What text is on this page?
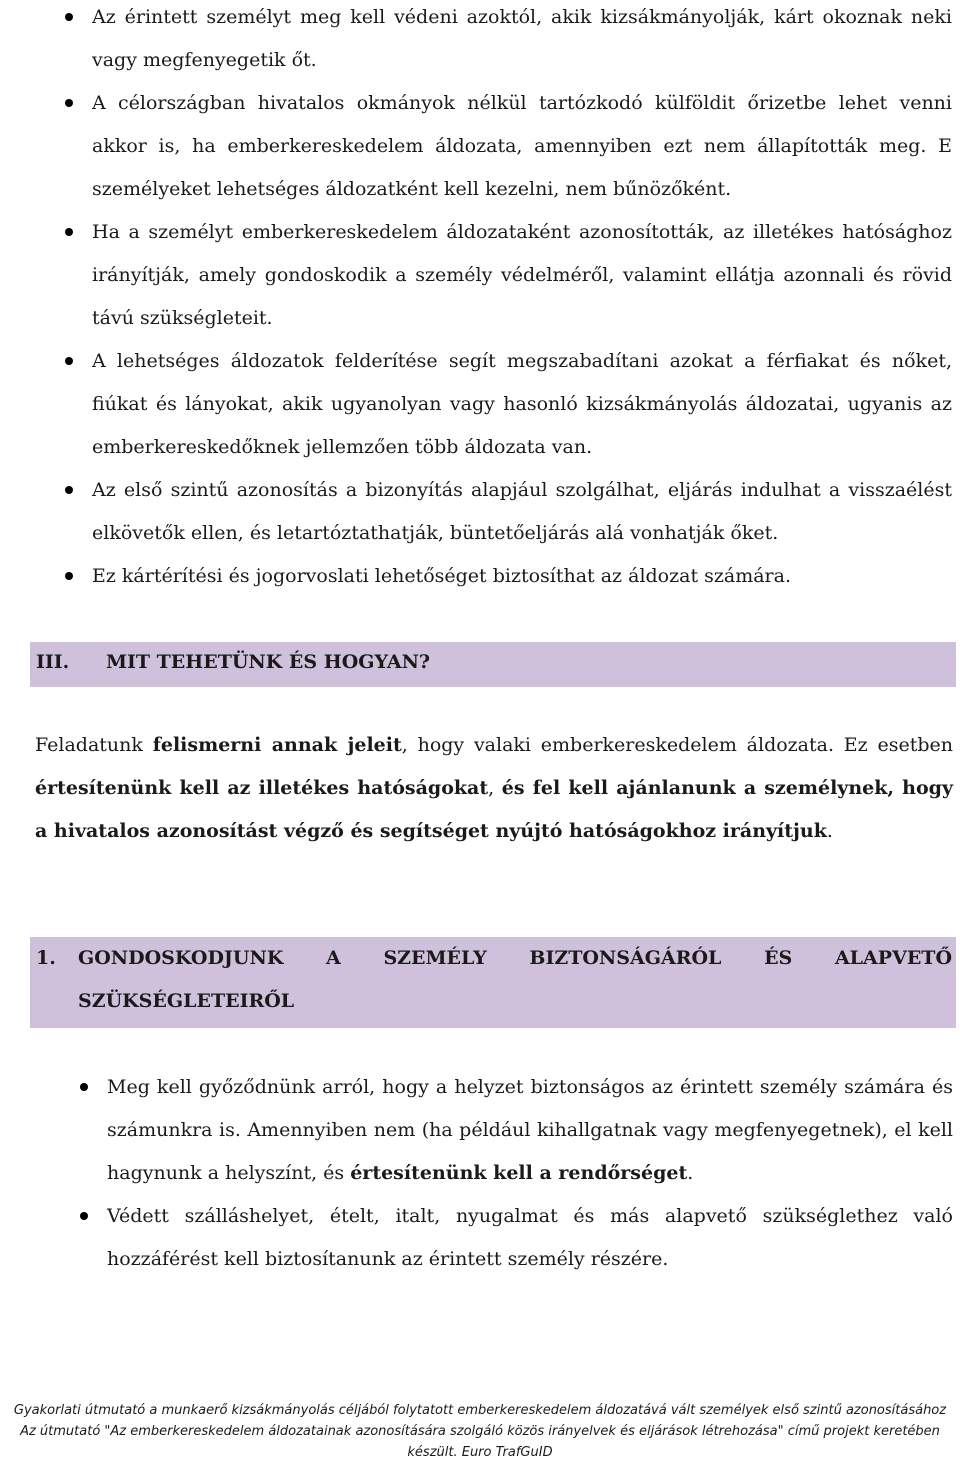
Az érintett személyt meg kell védeni azoktól, akik kizsákmányolják, kárt okoznak neki vagy megfenyegetik őt.
A célországban hivatalos okmányok nélkül tartózkodó külföldit őrizetbe lehet venni akkor is, ha emberkereskedelem áldozata, amennyiben ezt nem állapították meg. E személyeket lehetséges áldozatként kell kezelni, nem bűnözőként.
Ha a személyt emberkereskedelem áldozataként azonosították, az illetékes hatósághoz irányítják, amely gondoskodik a személy védelméről, valamint ellátja azonnali és rövid távú szükségleteit.
A lehetséges áldozatok felderítése segít megszabadítani azokat a férfiakat és nőket, fiúkat és lányokat, akik ugyanolyan vagy hasonló kizsákmányolás áldozatai, ugyanis az emberkereskedőknek jellemzően több áldozata van.
Az első szintű azonosítás a bizonyítás alapjául szolgálhat, eljárás indulhat a visszaélést elkövetők ellen, és letartóztathatják, büntetőeljárás alá vonhatják őket.
Ez kártérítési és jogorvoslati lehetőséget biztosíthat az áldozat számára.
III. MIT TEHETÜNK ÉS HOGYAN?
Feladatunk felismerni annak jeleit, hogy valaki emberkereskedelem áldozata. Ez esetben értesítenünk kell az illetékes hatóságokat, és fel kell ajánlanunk a személynek, hogy a hivatalos azonosítást végző és segítséget nyújtó hatóságokhoz irányítjuk.
1. GONDOSKODJUNK A SZEMÉLY BIZTONSÁGÁRÓL ÉS ALAPVETŐ SZÜKSÉGLETEIRŐL
Meg kell győződnünk arról, hogy a helyzet biztonságos az érintett személy számára és számunkra is. Amennyiben nem (ha például kihallgatnak vagy megfenyegetnek), el kell hagynunk a helyszínt, és értesítenünk kell a rendőrséget.
Védett szálláshelyet, ételt, italt, nyugalmat és más alapvető szükséglethez való hozzáférést kell biztosítanunk az érintett személy részére.
Gyakorlati útmutató a munkaerő kizsákmányolás céljából folytatott emberkereskedelem áldozatává vált személyek első szintű azonosításához
Az útmutató "Az emberkereskedelem áldozatainak azonosítására szolgáló közös irányelvek és eljárások létrehozása" című projekt keretében
készült. Euro TrafGuID
